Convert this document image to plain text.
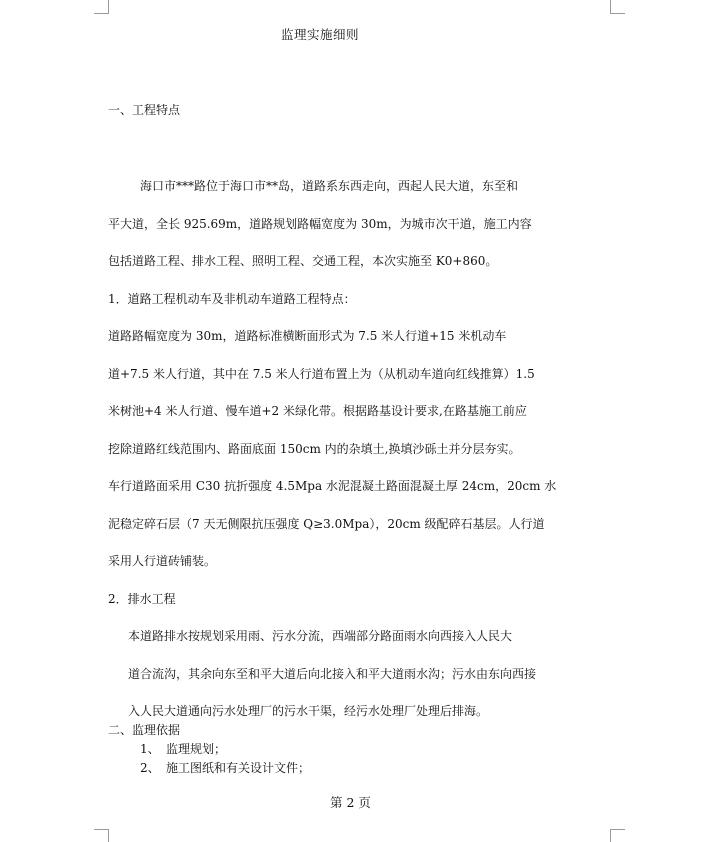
监理实施细则
一、工程特点
海口市***路位于海口市**岛，道路系东西走向，西起人民大道，东至和
平大道，全长 925.69m，道路规划路幅宽度为 30m，为城市次干道，施工内容
包括道路工程、排水工程、照明工程、交通工程，本次实施至 K0+860。
1．道路工程机动车及非机动车道路工程特点：
道路路幅宽度为 30m，道路标准横断面形式为 7.5 米人行道+15 米机动车
道+7.5 米人行道，其中在 7.5 米人行道布置上为（从机动车道向红线推算）1.5
米树池+4 米人行道、慢车道+2 米绿化带。根据路基设计要求,在路基施工前应
挖除道路红线范围内、路面底面 150cm 内的杂填土,换填沙砾土并分层夯实。
车行道路面采用 C30 抗折强度 4.5Mpa 水泥混凝土路面混凝土厚 24cm，20cm 水
泥稳定碎石层（7 天无侧限抗压强度 Q≥3.0Mpa），20cm 级配碎石基层。人行道
采用人行道砖铺装。
2．排水工程
本道路排水按规划采用雨、污水分流，西端部分路面雨水向西接入人民大
道合流沟，其余向东至和平大道后向北接入和平大道雨水沟；污水由东向西接
入人民大道通向污水处理厂的污水干渠，经污水处理厂处理后排海。
二、监理依据
1、 监理规划；
2、 施工图纸和有关设计文件；
第 2 页
